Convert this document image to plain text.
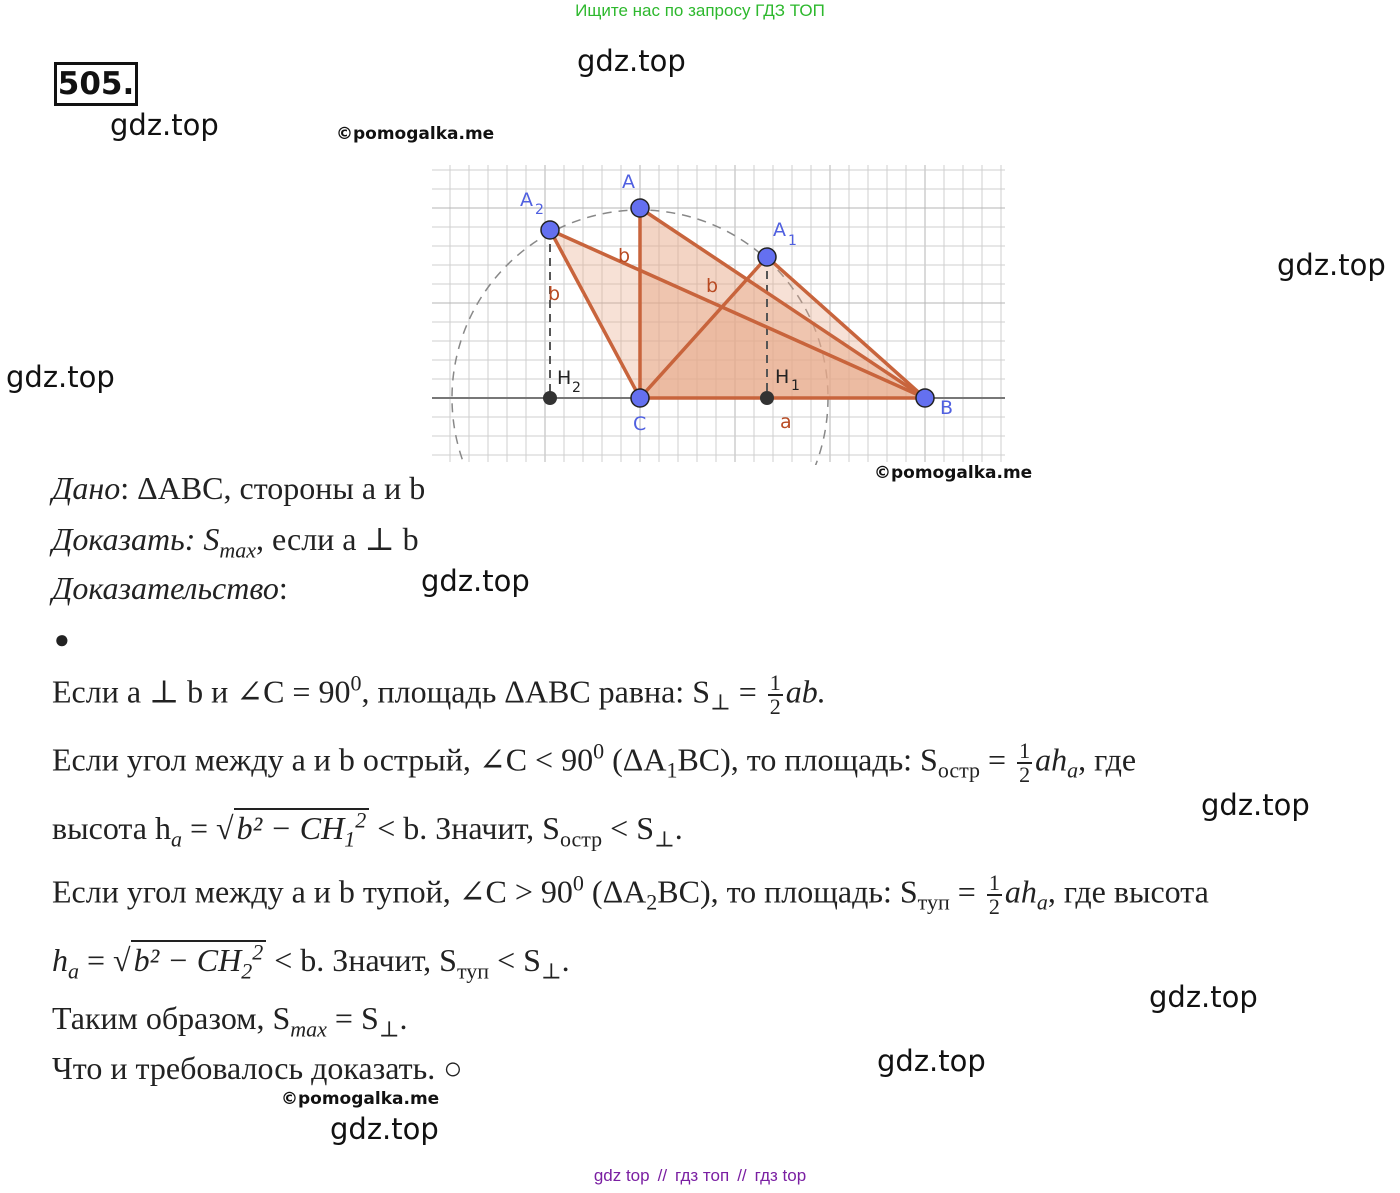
Ищите нас по запросу ГДЗ ТОП
505.
gdz.top
gdz.top
gdz.top
gdz.top
gdz.top
gdz.top
gdz.top
gdz.top
gdz.top
©pomogalka.me
©pomogalka.me
©pomogalka.me
A
A 2
A 1
B
C
H 2	H 1
b
b	b
a
Дано: ΔABC, стороны a и b
Доказать: $S_{max}$, если a ⊥ b
Доказательство:
●
Если a ⊥ b и ∠C = $90^0$, площадь ΔABC равна: $S_\perp = \frac{1}{2}$ ab.
Если угол между a и b острый, ∠C < $90^0$ $(\Delta A_1BC)$, то площадь: $S_{остр} = \frac{1}{2} ah_a$, где
высота $h_a = √b^2 - CH_1^2 < b$. Значит, $S_{остр} < S_\perp$.
Если угол между a и b тупой, ∠C > $90^0$ $(\Delta A_2BC)$, то площадь: $S_{туп} = \frac{1}{2} ah_a$, где высота
$h_a = √b^2 - CH_2^2 < b$. Значит, $S_{туп} < S_\perp$.
Таким образом, $S_{max} = S_\perp$.
Что и требовалось доказать. ○
gdz top // гдз топ // гдз top
